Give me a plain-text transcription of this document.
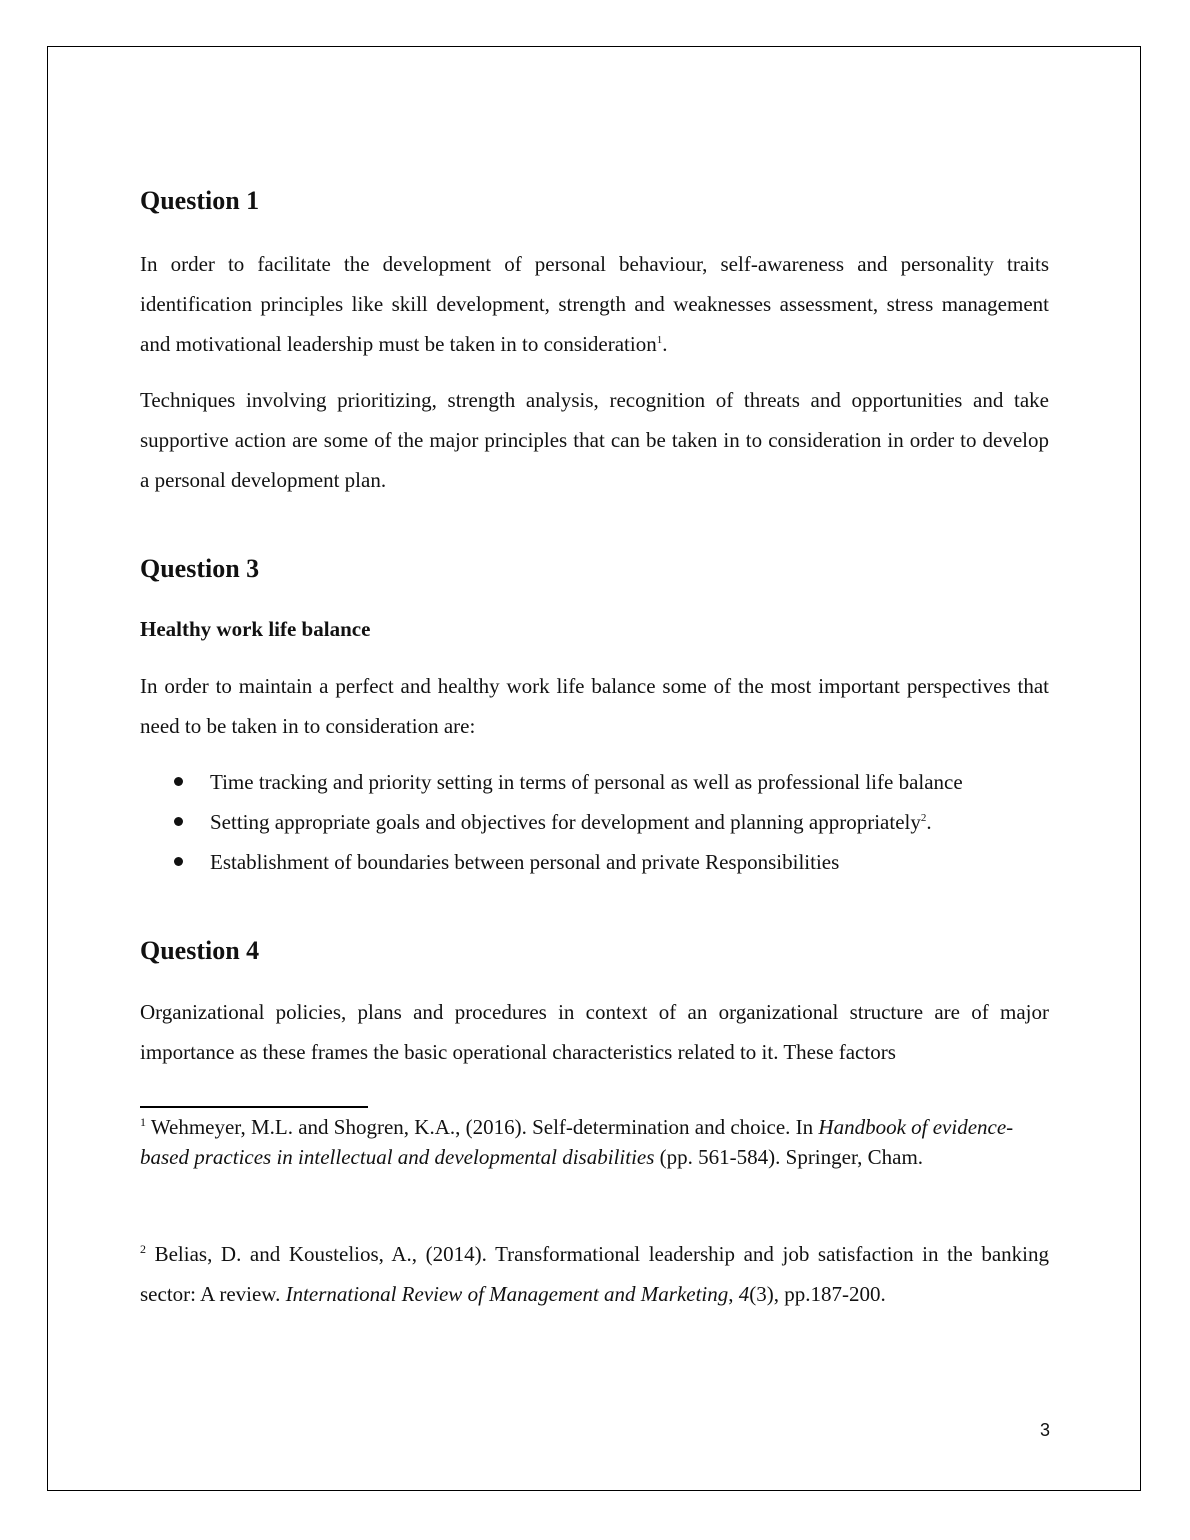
Question 1

In order to facilitate the development of personal behaviour, self-awareness and personality traits identification principles like skill development, strength and weaknesses assessment, stress management and motivational leadership must be taken in to consideration$^1$.

Techniques involving prioritizing, strength analysis, recognition of threats and opportunities and take supportive action are some of the major principles that can be taken in to consideration in order to develop a personal development plan.

Question 3
Healthy work life balance

In order to maintain a perfect and healthy work life balance some of the most important perspectives that need to be taken in to consideration are:

Time tracking and priority setting in terms of personal as well as professional life balance
Setting appropriate goals and objectives for development and planning appropriately$^2$.
Establishment of boundaries between personal and private Responsibilities
Question 4

Organizational policies, plans and procedures in context of an organizational structure are of major importance as these frames the basic operational characteristics related to it. These factors

$^1$ Wehmeyer, M.L. and Shogren, K.A., (2016). Self-determination and choice. In Handbook of evidence-based practices in intellectual and developmental disabilities (pp. 561-584). Springer, Cham.

$^2$ Belias, D. and Koustelios, A., (2014). Transformational leadership and job satisfaction in the banking sector: A review. International Review of Management and Marketing, 4(3), pp.187-200.

3
